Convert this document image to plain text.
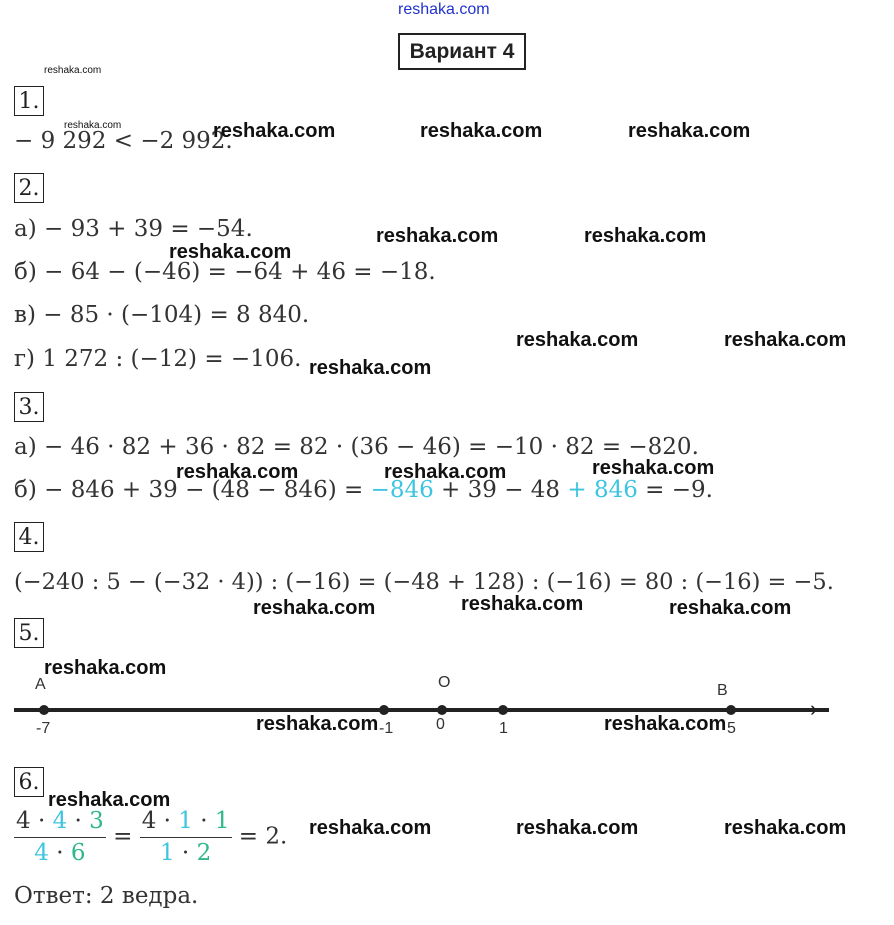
reshaka.com
Вариант 4
reshaka.com
1.
− 9 292 < −2 992.
reshaka.com	reshaka.com	reshaka.com	reshaka.com
2.
а) − 93 + 39 = −54.
б) − 64 − (−46) = −64 + 46 = −18.
в) − 85 · (−104) = 8 840.
г) 1 272 : (−12) = −106.
reshaka.com	reshaka.com
reshaka.com
reshaka.com	reshaka.com
reshaka.com
3.
а) − 46 · 82 + 36 · 82 = 82 · (36 − 46) = −10 · 82 = −820.
б) − 846 + 39 − (48 − 846) = −846 + 39 − 48 + 846 = −9.
reshaka.com	reshaka.com	reshaka.com
4.
(−240 : 5 − (−32 · 4)) : (−16) = (−48 + 128) : (−16) = 80 : (−16) = −5.
reshaka.com	reshaka.com	reshaka.com
5.
reshaka.com
›
A	O	B
-7	-1	0	1	5
reshaka.com	reshaka.com
6.
reshaka.com
$\frac{4 \cdot 4 \cdot 3}{4 \cdot 6} = \frac{4 \cdot 1 \cdot 1}{1 \cdot 2} = 2$. reshaka.com	reshaka.com	reshaka.com
Ответ: 2 ведра.
